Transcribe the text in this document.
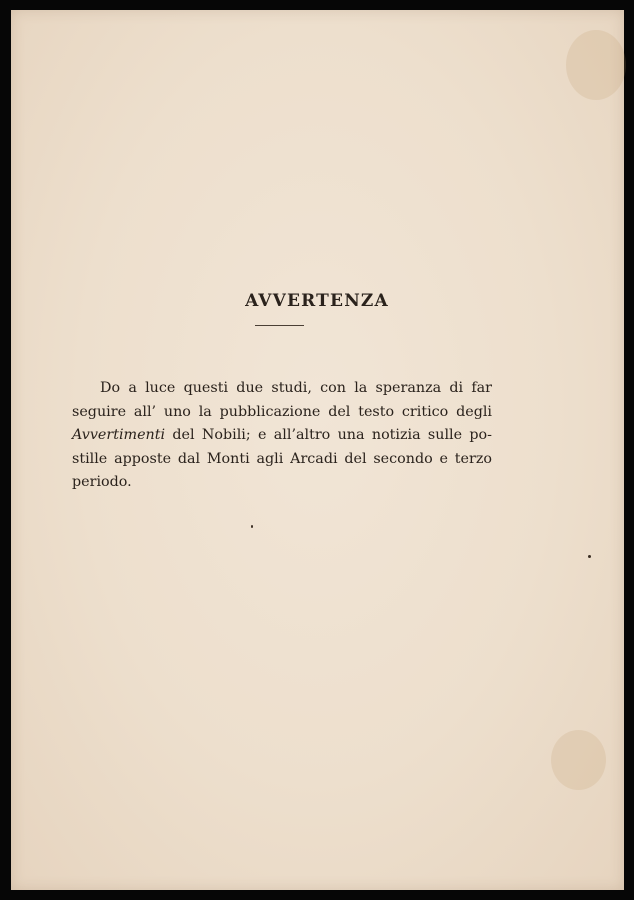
AVVERTENZA
Do a luce questi due studi, con la speranza di far
seguire all’ uno la pubblicazione del testo critico degli
Avvertimenti del Nobili; e all’altro una notizia sulle po-
stille apposte dal Monti agli Arcadi del secondo e terzo
periodo.
